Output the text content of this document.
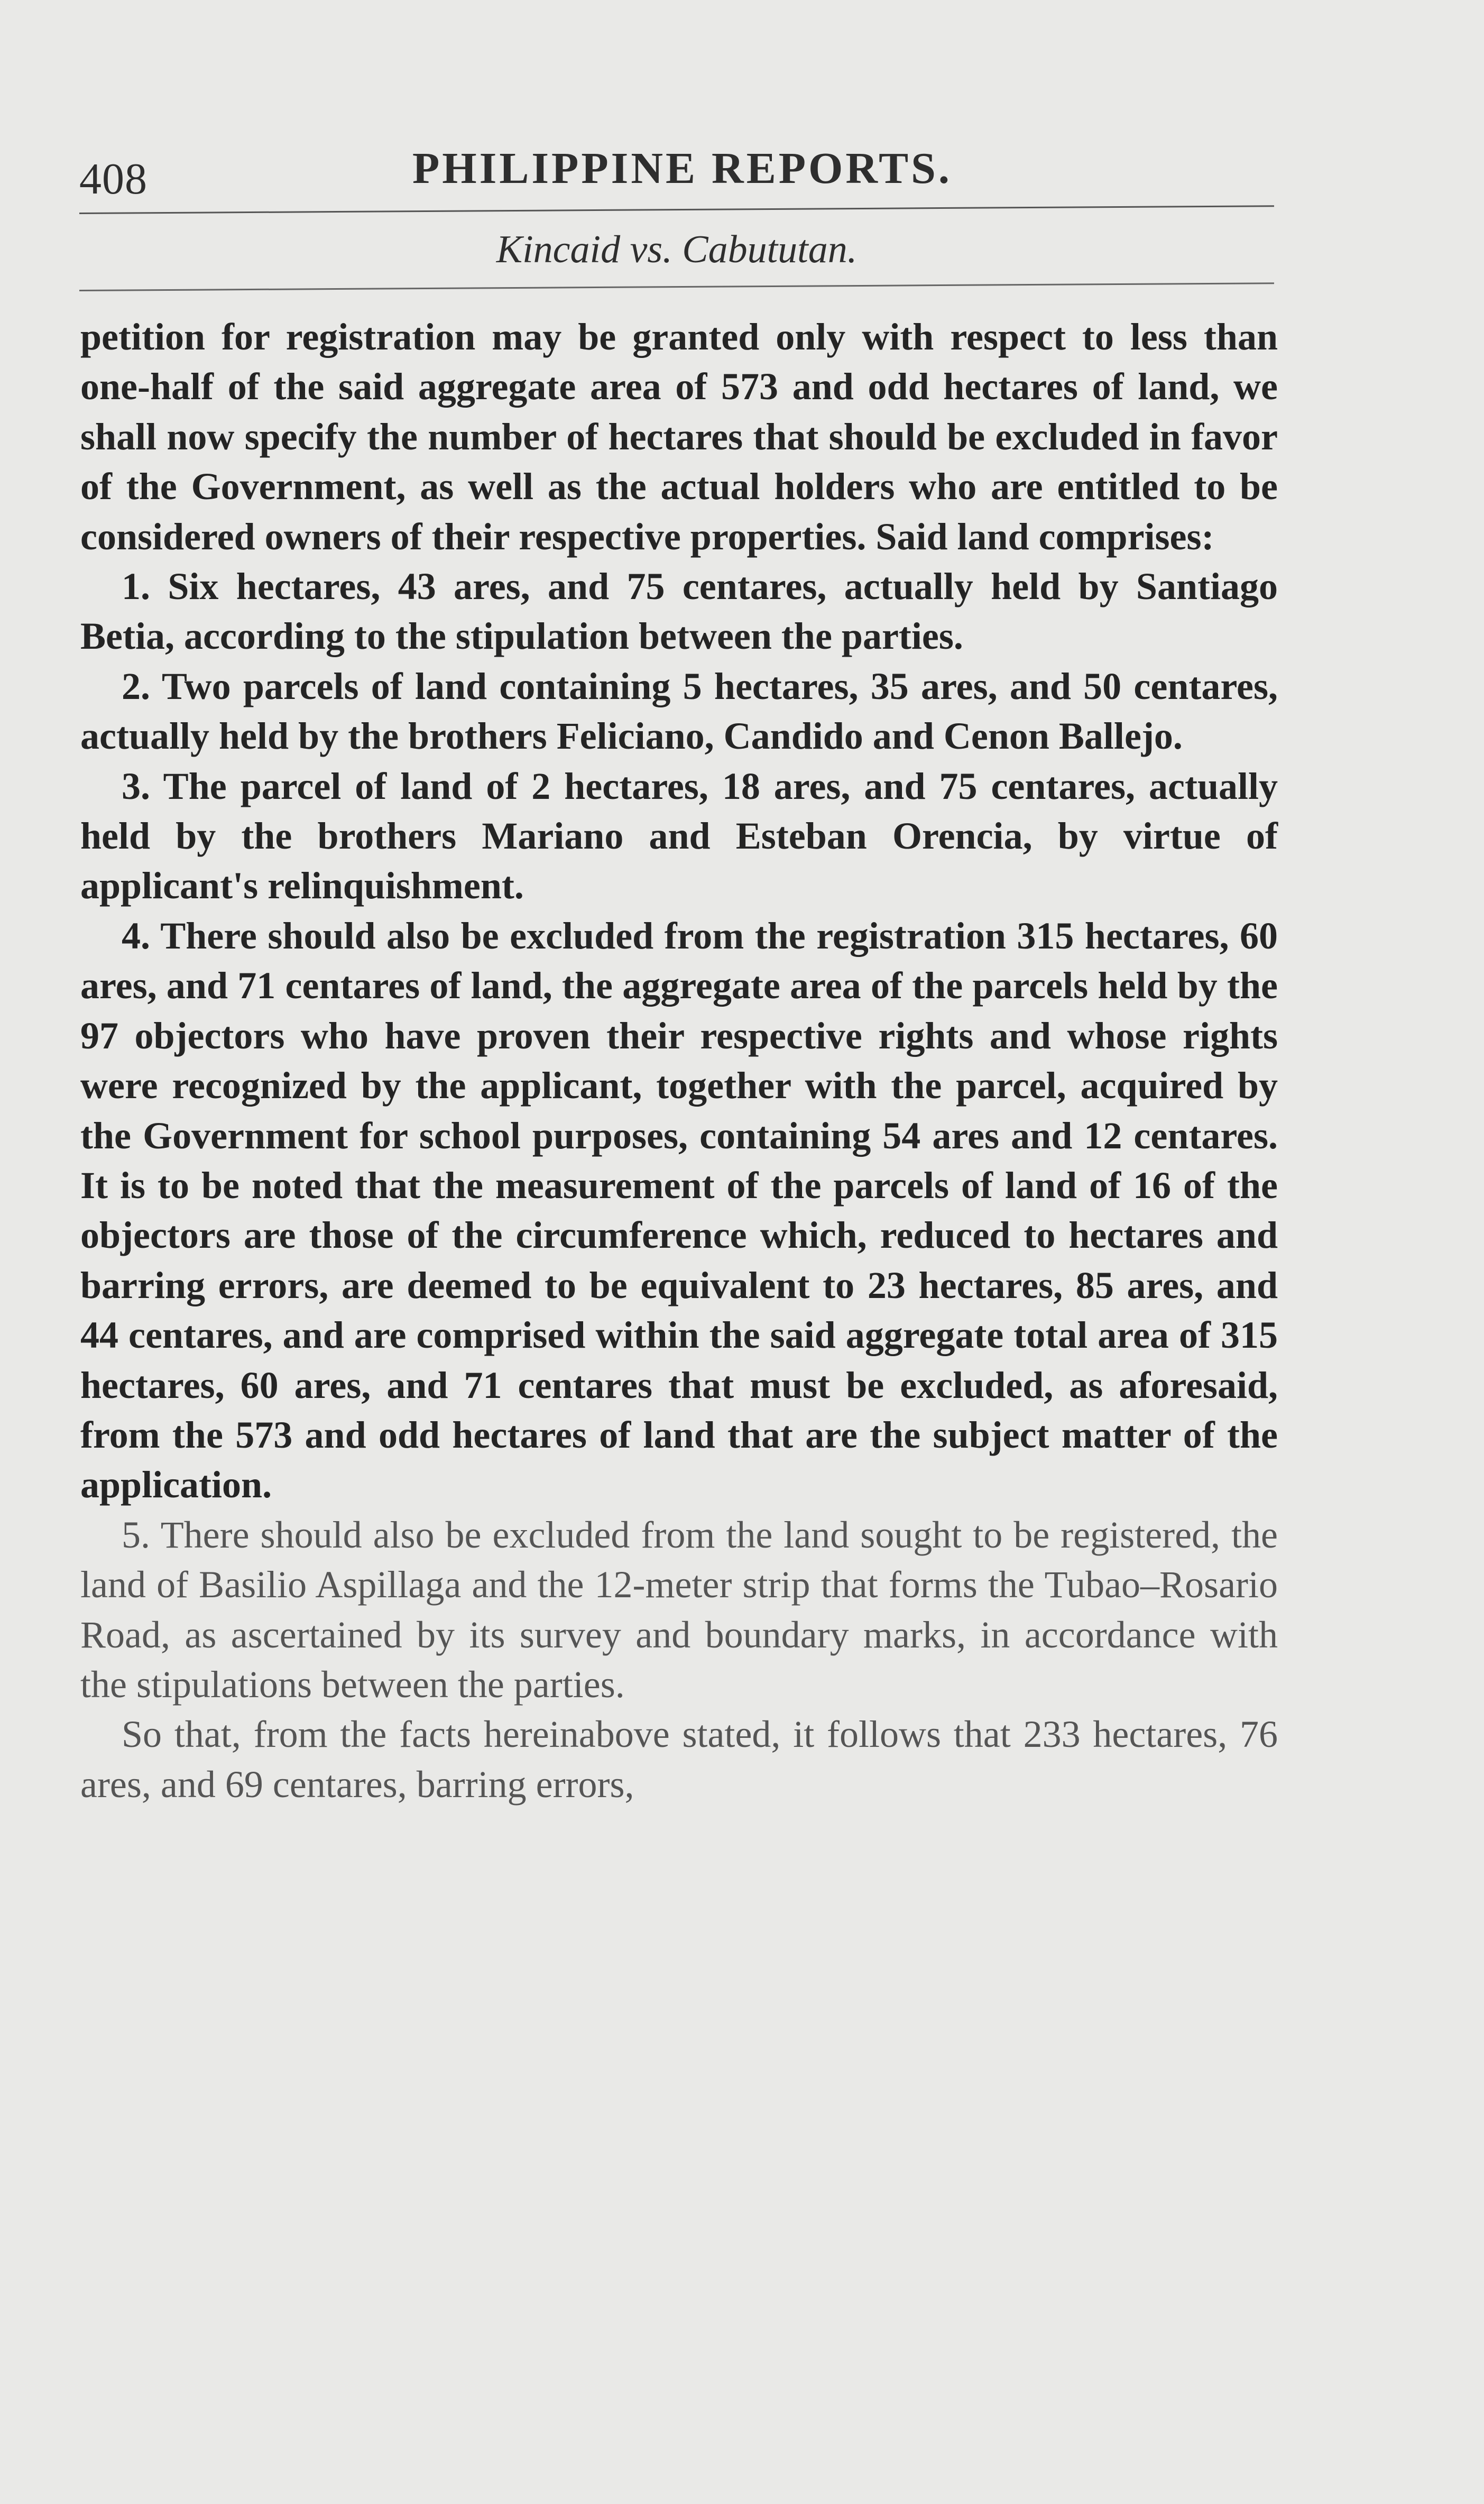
408	PHILIPPINE REPORTS.
Kincaid vs. Cabututan.

petition for registration may be granted only with respect to less than one-half of the said aggregate area of 573 and odd hectares of land, we shall now specify the number of hectares that should be excluded in favor of the Government, as well as the actual holders who are entitled to be considered owners of their respective properties. Said land comprises:

1. Six hectares, 43 ares, and 75 centares, actually held by Santiago Betia, according to the stipulation between the parties.

2. Two parcels of land containing 5 hectares, 35 ares, and 50 centares, actually held by the brothers Feliciano, Candido and Cenon Ballejo.

3. The parcel of land of 2 hectares, 18 ares, and 75 centares, actually held by the brothers Mariano and Esteban Orencia, by virtue of applicant's relinquishment.

4. There should also be excluded from the registration 315 hectares, 60 ares, and 71 centares of land, the aggregate area of the parcels held by the 97 objectors who have proven their respective rights and whose rights were recognized by the applicant, together with the parcel, acquired by the Government for school purposes, containing 54 ares and 12 centares. It is to be noted that the measurement of the parcels of land of 16 of the objectors are those of the circumference which, reduced to hectares and barring errors, are deemed to be equivalent to 23 hectares, 85 ares, and 44 centares, and are comprised within the said aggregate total area of 315 hectares, 60 ares, and 71 centares that must be excluded, as aforesaid, from the 573 and odd hectares of land that are the subject matter of the application.

5. There should also be excluded from the land sought to be registered, the land of Basilio Aspillaga and the 12-meter strip that forms the Tubao–Rosario Road, as ascertained by its survey and boundary marks, in accordance with the stipulations between the parties.

So that, from the facts hereinabove stated, it follows that 233 hectares, 76 ares, and 69 centares, barring errors,
